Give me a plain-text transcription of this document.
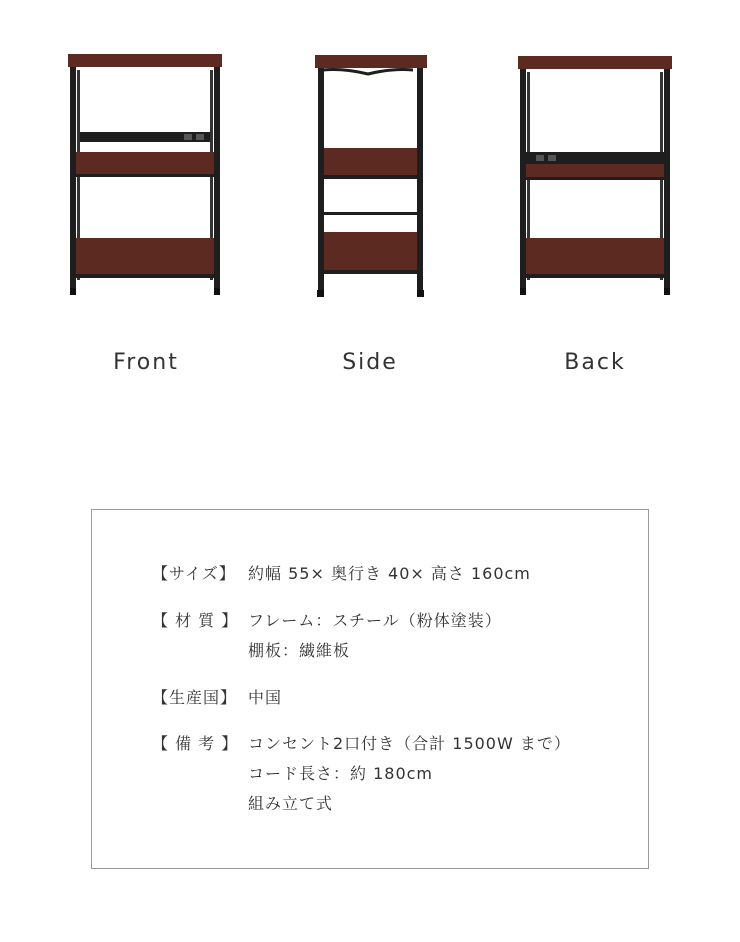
Front	Side	Back
【サイズ】 約幅 55× 奥行き 40× 高さ 160cm
【 材 質 】 フレーム：スチール（粉体塗装）
棚板：繊維板
【生産国】 中国
【 備 考 】 コンセント2口付き（合計 1500W まで）
コード長さ：約 180cm
組み立て式
